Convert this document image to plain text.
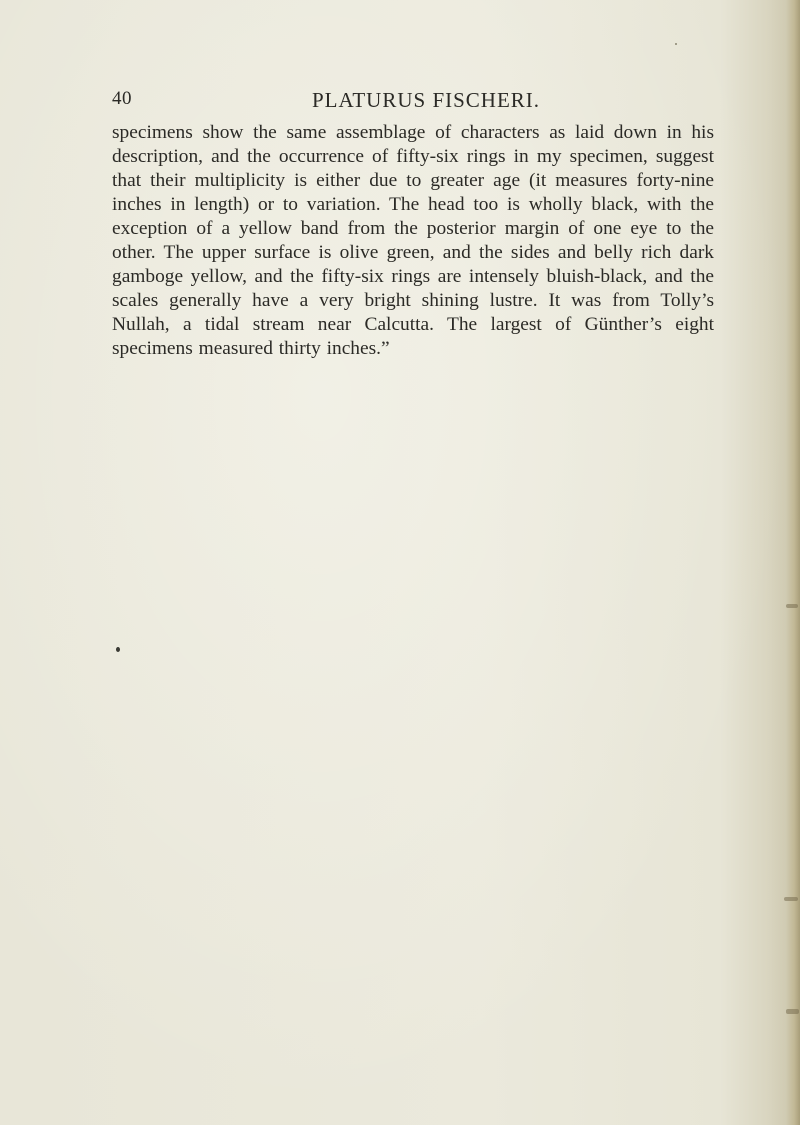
40	PLATURUS FISCHERI.

specimens show the same assemblage of characters as laid down in his description, and the occurrence of fifty-six rings in my specimen, suggest that their multiplicity is either due to greater age (it measures forty-nine inches in length) or to variation. The head too is wholly black, with the exception of a yellow band from the posterior margin of one eye to the other. The upper surface is olive green, and the sides and belly rich dark gamboge yellow, and the fifty-six rings are intensely bluish-black, and the scales generally have a very bright shining lustre. It was from Tolly’s Nullah, a tidal stream near Calcutta. The largest of Günther’s eight specimens measured thirty inches.”
